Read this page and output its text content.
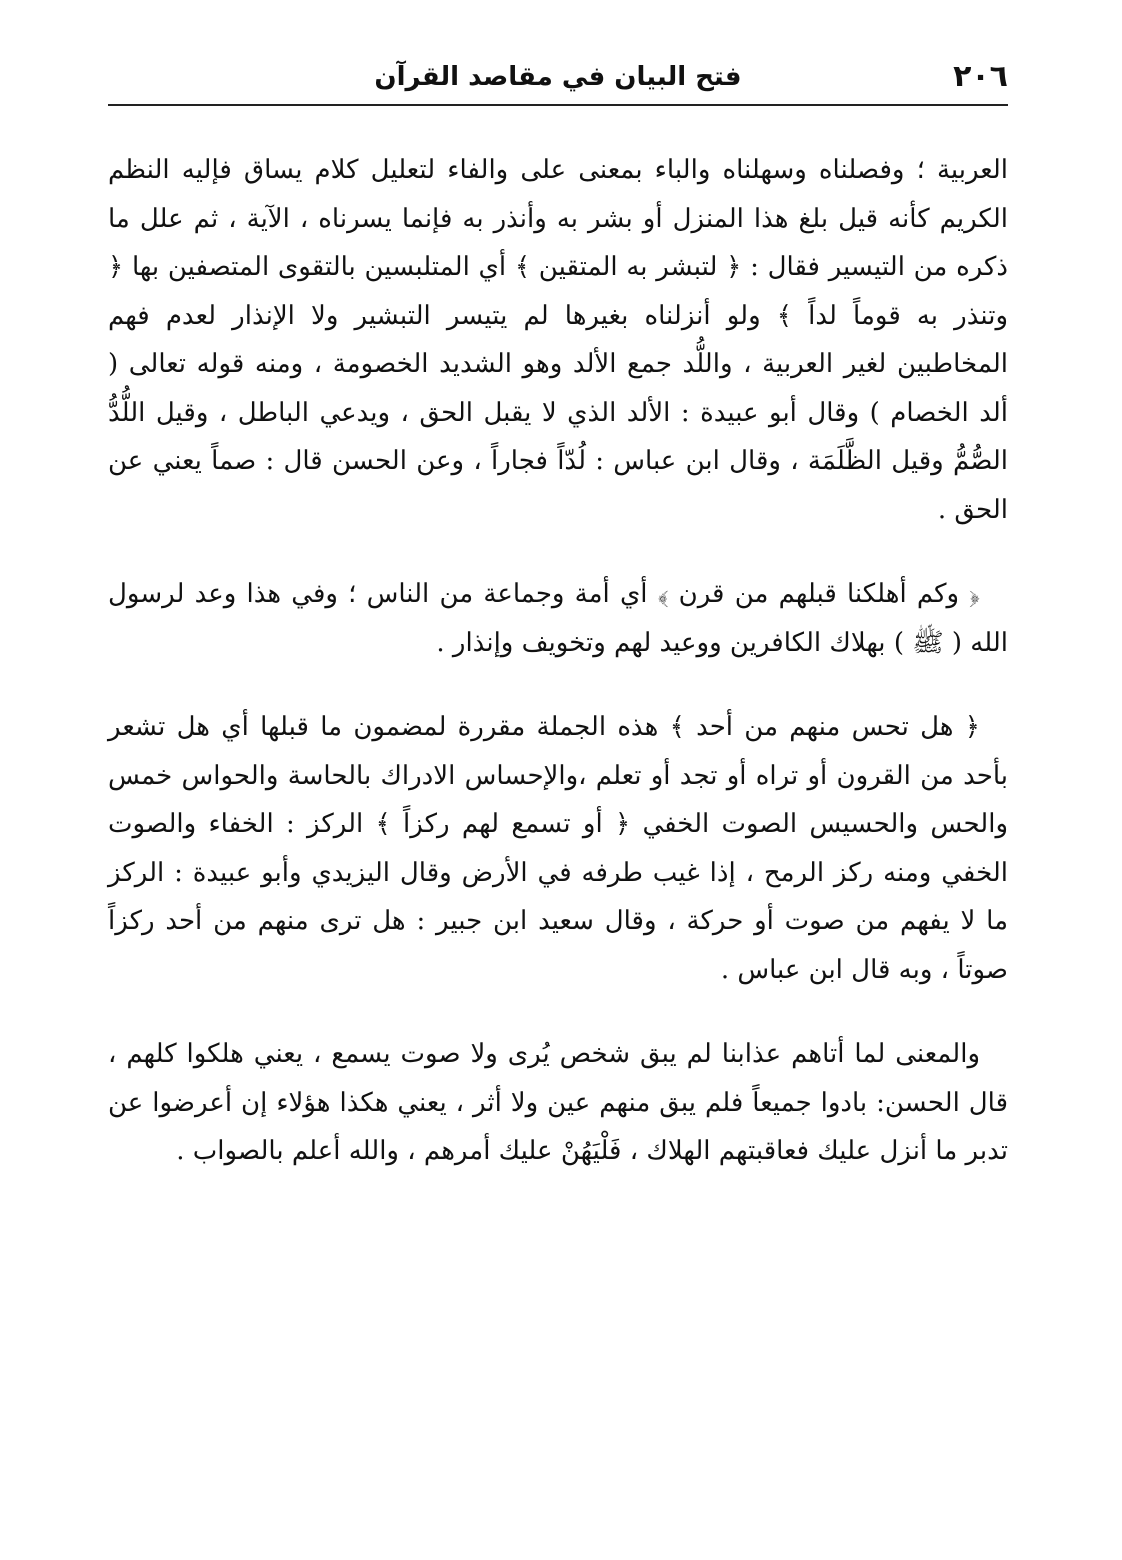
٢٠٦
فتح البيان في مقاصد القرآن

العربية ؛ وفصلناه وسهلناه والباء بمعنى على والفاء لتعليل كلام يساق فإليه النظم الكريم كأنه قيل بلغ هذا المنزل أو بشر به وأنذر به فإنما يسرناه ، الآية ، ثم علل ما ذكره من التيسير فقال : ﴿ لتبشر به المتقين ﴾ أي المتلبسين بالتقوى المتصفين بها ﴿ وتنذر به قوماً لداً ﴾ ولو أنزلناه بغيرها لم يتيسر التبشير ولا الإنذار لعدم فهم المخاطبين لغير العربية ، واللُّد جمع الألد وهو الشديد الخصومة ، ومنه قوله تعالى ( ألد الخصام ) وقال أبو عبيدة : الألد الذي لا يقبل الحق ، ويدعي الباطل ، وقيل اللُّدُّ الصُّمُّ وقيل الظَّلَمَة ، وقال ابن عباس : لُدّاً فجاراً ، وعن الحسن قال : صماً يعني عن الحق .

﴿ وكم أهلكنا قبلهم من قرن ﴾ أي أمة وجماعة من الناس ؛ وفي هذا وعد لرسول الله ( ﷺ ) بهلاك الكافرين ووعيد لهم وتخويف وإنذار .

﴿ هل تحس منهم من أحد ﴾ هذه الجملة مقررة لمضمون ما قبلها أي هل تشعر بأحد من القرون أو تراه أو تجد أو تعلم ،والإحساس الادراك بالحاسة والحواس خمس والحس والحسيس الصوت الخفي ﴿ أو تسمع لهم ركزاً ﴾ الركز : الخفاء والصوت الخفي ومنه ركز الرمح ، إذا غيب طرفه في الأرض وقال اليزيدي وأبو عبيدة : الركز ما لا يفهم من صوت أو حركة ، وقال سعيد ابن جبير : هل ترى منهم من أحد ركزاً صوتاً ، وبه قال ابن عباس .

والمعنى لما أتاهم عذابنا لم يبق شخص يُرى ولا صوت يسمع ، يعني هلكوا كلهم ، قال الحسن: بادوا جميعاً فلم يبق منهم عين ولا أثر ، يعني هكذا هؤلاء إن أعرضوا عن تدبر ما أنزل عليك فعاقبتهم الهلاك ، فَلْيَهُنْ عليك أمرهم ، والله أعلم بالصواب .
